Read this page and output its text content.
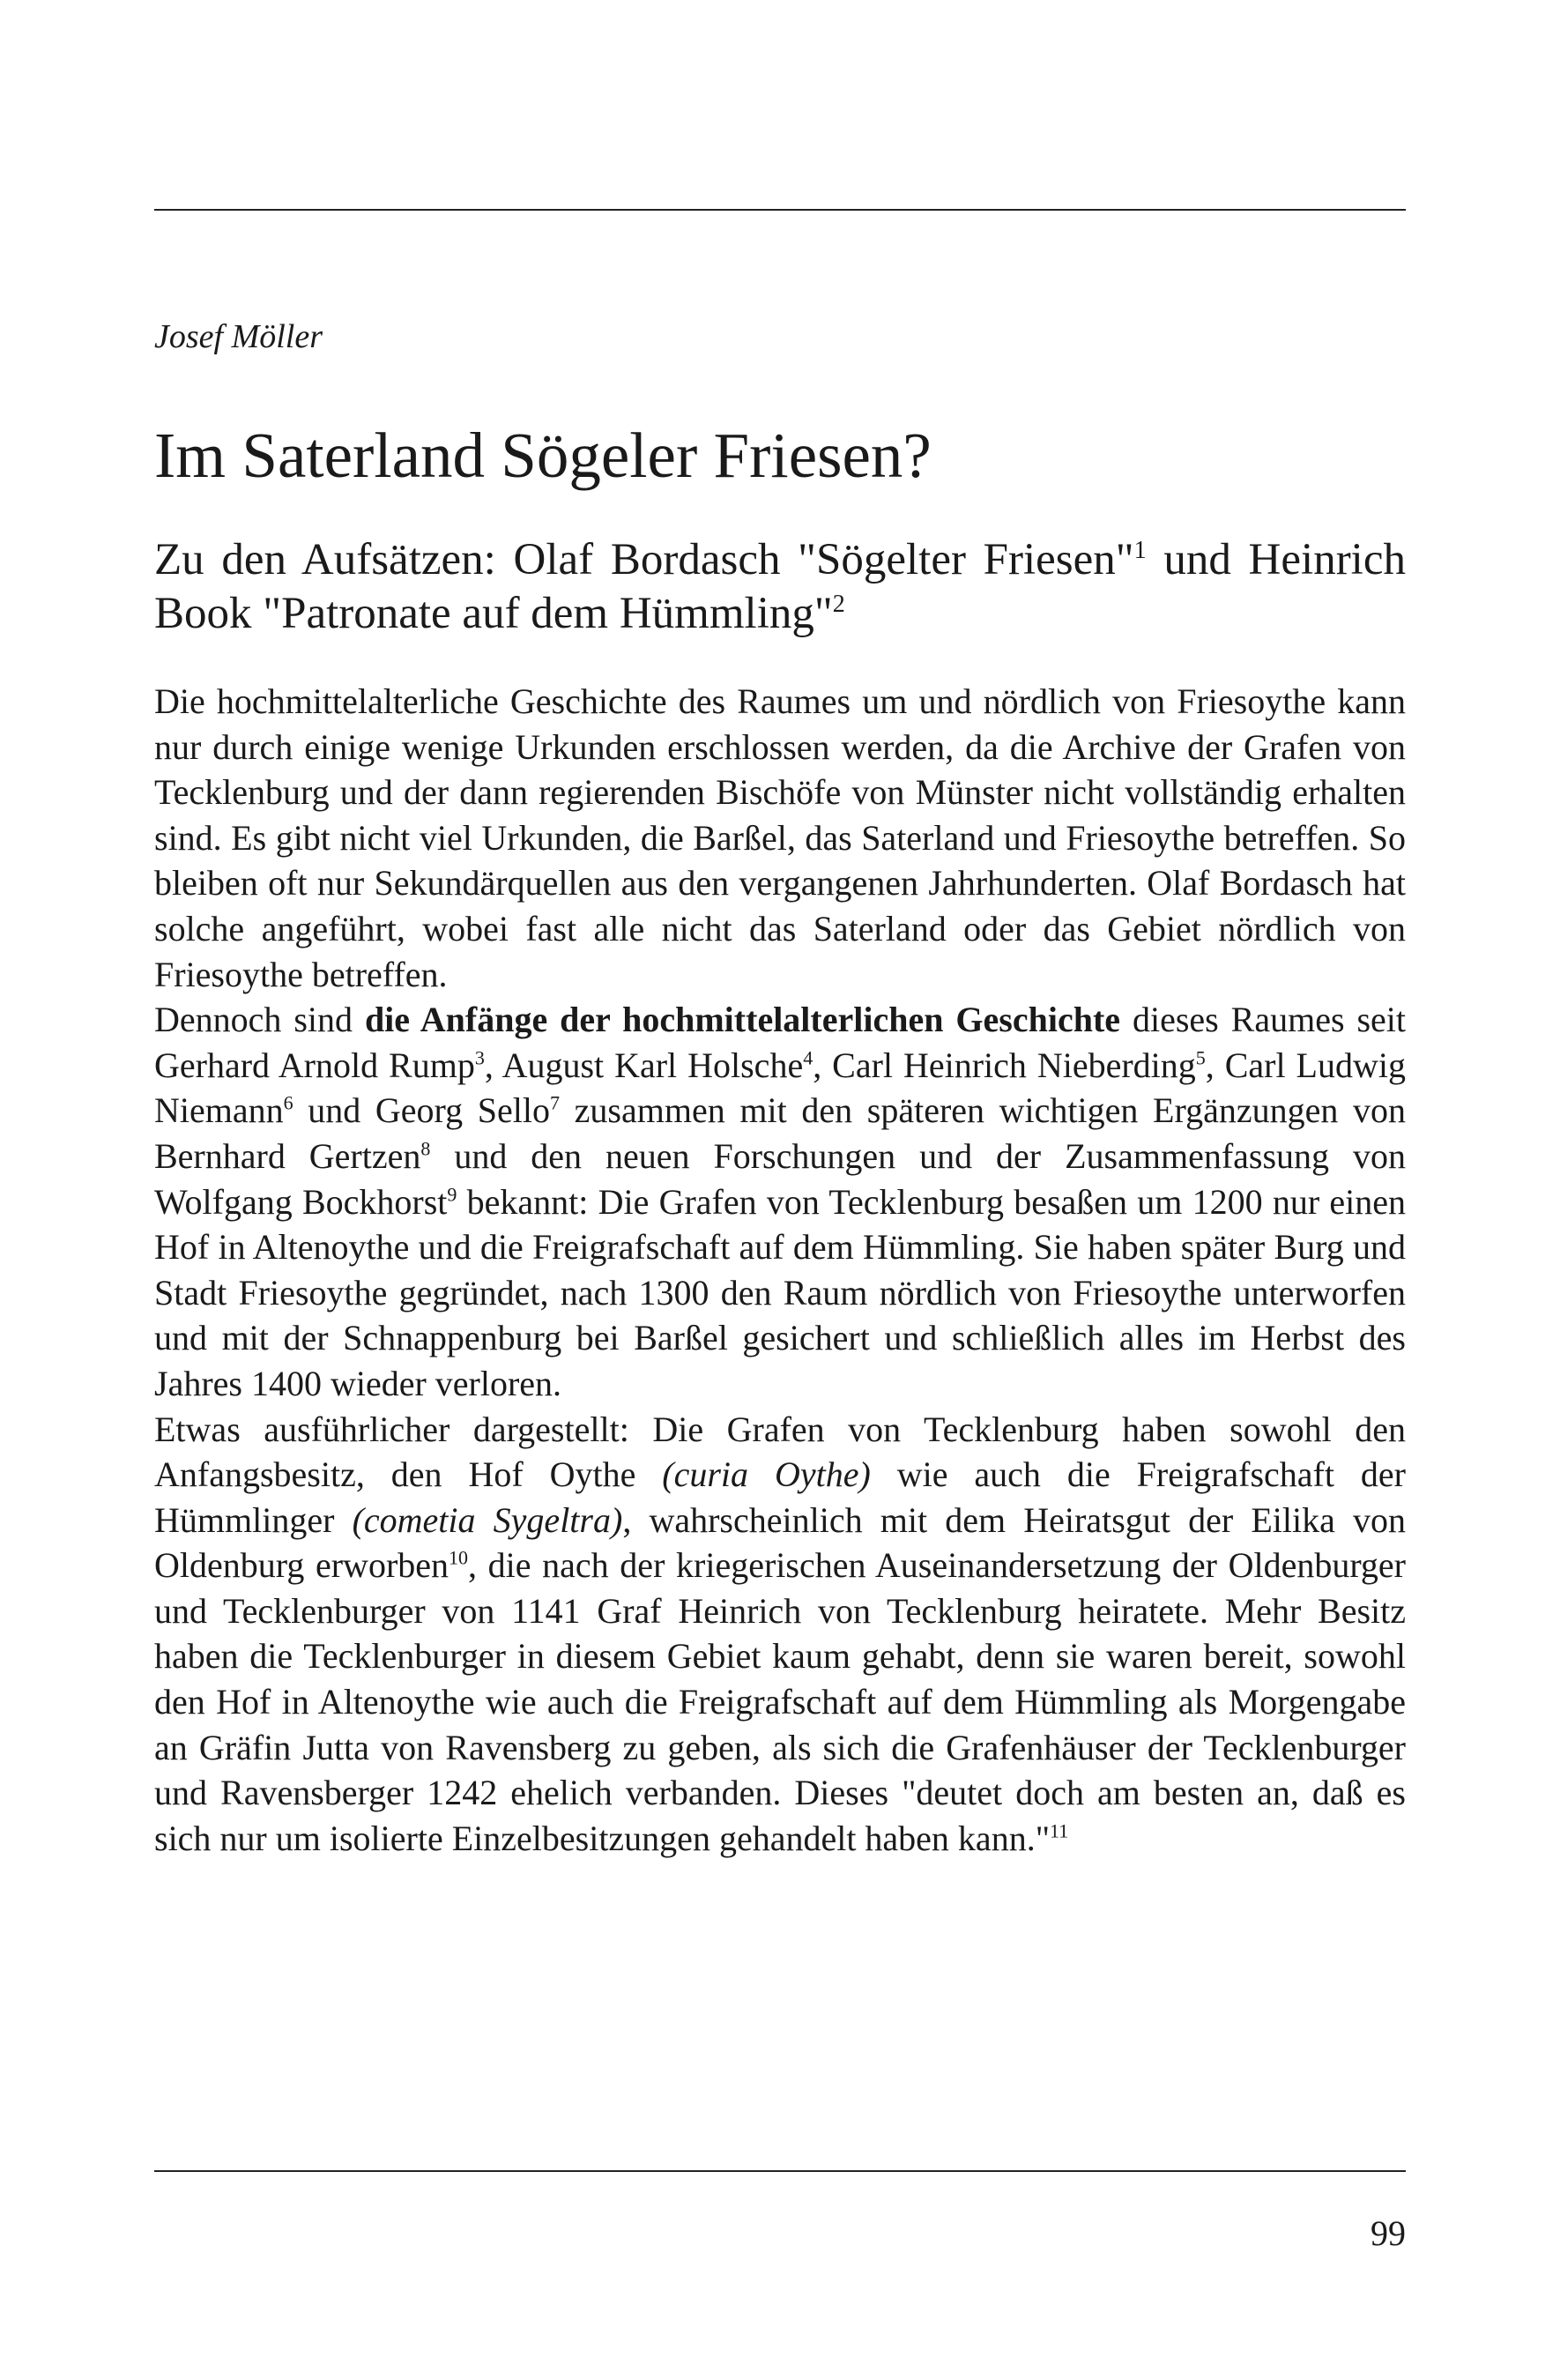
Josef Möller
Im Saterland Sögeler Friesen?

Zu den Aufsätzen: Olaf Bordasch "Sögelter Friesen"$^1$ und Heinrich Book "Patronate auf dem Hümmling"$^2$

Die hochmittelalterliche Geschichte des Raumes um und nördlich von Friesoythe kann nur durch einige wenige Urkunden erschlossen werden, da die Archive der Grafen von Tecklenburg und der dann regierenden Bischöfe von Münster nicht vollständig erhalten sind. Es gibt nicht viel Urkunden, die Barßel, das Saterland und Friesoythe betreffen. So bleiben oft nur Sekundärquellen aus den vergangenen Jahrhunderten. Olaf Bordasch hat solche angeführt, wobei fast alle nicht das Saterland oder das Gebiet nördlich von Friesoythe betreffen.

Dennoch sind die Anfänge der hochmittelalterlichen Geschichte dieses Raumes seit Gerhard Arnold Rump$^3$, August Karl Holsche$^4$, Carl Heinrich Nieberding$^5$, Carl Ludwig Niemann$^6$ und Georg Sello$^7$ zusammen mit den späteren wichtigen Ergänzungen von Bernhard Gertzen$^8$ und den neuen Forschungen und der Zusammenfassung von Wolfgang Bockhorst$^9$ bekannt: Die Grafen von Tecklenburg besaßen um 1200 nur einen Hof in Altenoythe und die Freigrafschaft auf dem Hümmling. Sie haben später Burg und Stadt Friesoythe gegründet, nach 1300 den Raum nördlich von Friesoythe unterworfen und mit der Schnappenburg bei Barßel gesichert und schließlich alles im Herbst des Jahres 1400 wieder verloren.

Etwas ausführlicher dargestellt: Die Grafen von Tecklenburg haben sowohl den Anfangsbesitz, den Hof Oythe (curia Oythe) wie auch die Freigrafschaft der Hümmlinger (cometia Sygeltra), wahrscheinlich mit dem Heiratsgut der Eilika von Oldenburg erworben$^{10}$, die nach der kriegerischen Auseinandersetzung der Oldenburger und Tecklenburger von 1141 Graf Heinrich von Tecklenburg heiratete. Mehr Besitz haben die Tecklenburger in diesem Gebiet kaum gehabt, denn sie waren bereit, sowohl den Hof in Altenoythe wie auch die Freigrafschaft auf dem Hümmling als Morgengabe an Gräfin Jutta von Ravensberg zu geben, als sich die Grafenhäuser der Tecklenburger und Ravensberger 1242 ehelich verbanden. Dieses "deutet doch am besten an, daß es sich nur um isolierte Einzelbesitzungen gehandelt haben kann."$^{11}$

99
